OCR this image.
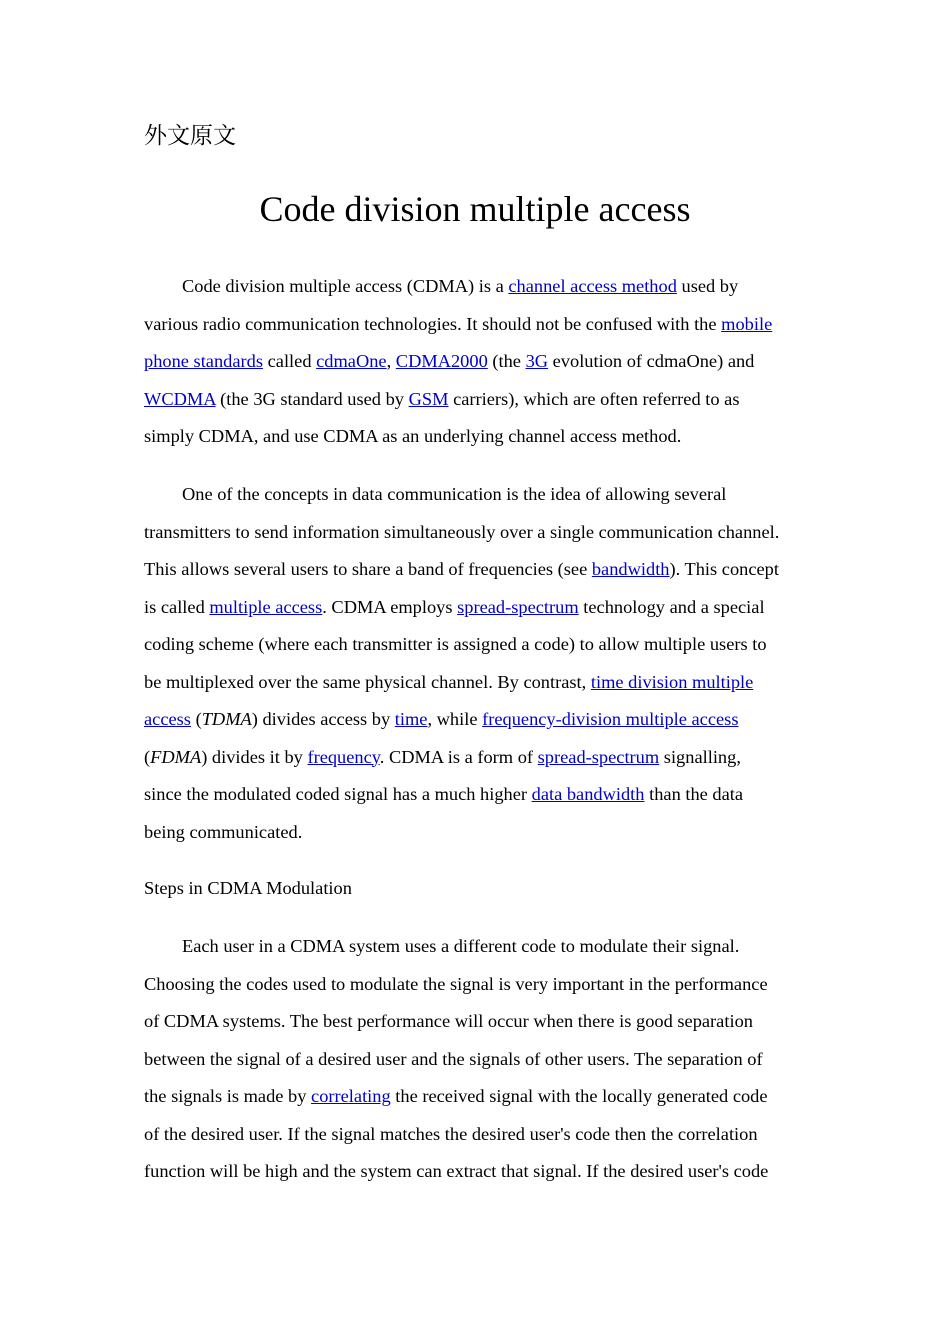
外文原文
Code division multiple access
Code division multiple access (CDMA) is a channel access method used by
various radio communication technologies. It should not be confused with the mobile
phone standards called cdmaOne, CDMA2000 (the 3G evolution of cdmaOne) and
WCDMA (the 3G standard used by GSM carriers), which are often referred to as
simply CDMA, and use CDMA as an underlying channel access method.
One of the concepts in data communication is the idea of allowing several
transmitters to send information simultaneously over a single communication channel.
This allows several users to share a band of frequencies (see bandwidth). This concept
is called multiple access. CDMA employs spread-spectrum technology and a special
coding scheme (where each transmitter is assigned a code) to allow multiple users to
be multiplexed over the same physical channel. By contrast, time division multiple
access (TDMA) divides access by time, while frequency-division multiple access
(FDMA) divides it by frequency. CDMA is a form of spread-spectrum signalling,
since the modulated coded signal has a much higher data bandwidth than the data
being communicated.
Steps in CDMA Modulation
Each user in a CDMA system uses a different code to modulate their signal.
Choosing the codes used to modulate the signal is very important in the performance
of CDMA systems. The best performance will occur when there is good separation
between the signal of a desired user and the signals of other users. The separation of
the signals is made by correlating the received signal with the locally generated code
of the desired user. If the signal matches the desired user's code then the correlation
function will be high and the system can extract that signal. If the desired user's code
